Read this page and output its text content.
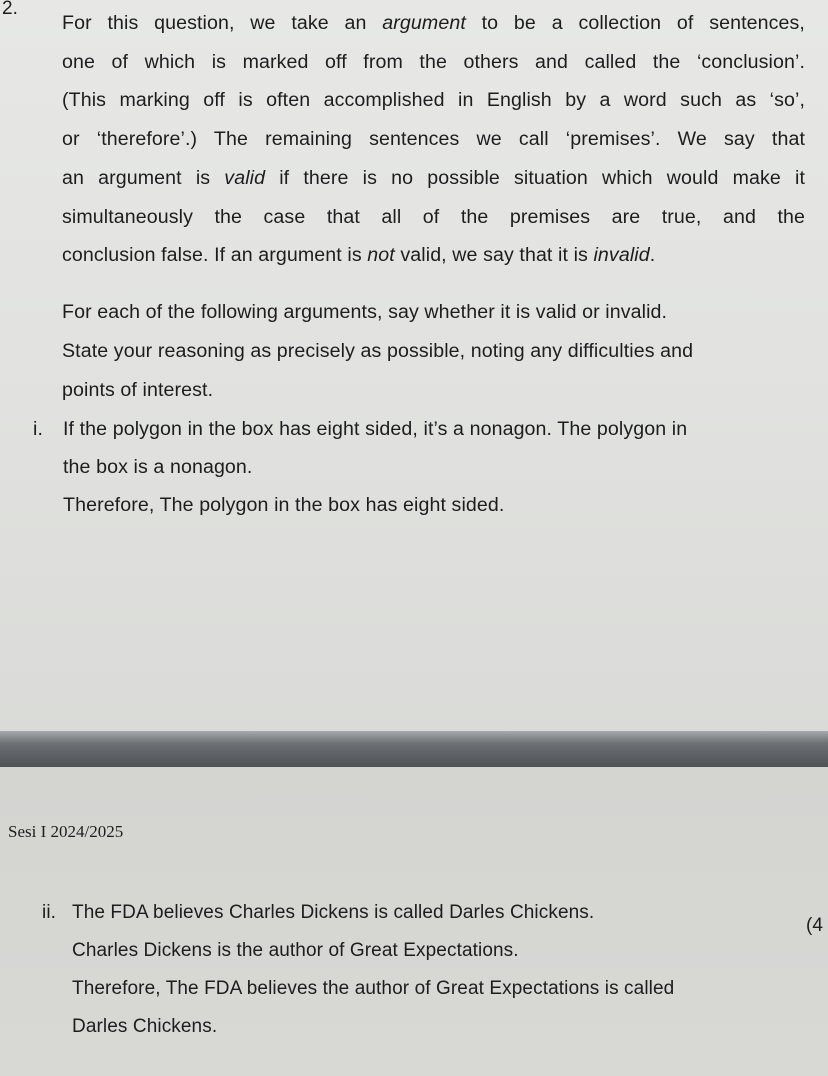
2.
For this question, we take an argument to be a collection of sentences,
one of which is marked off from the others and called the ‘conclusion’.
(This marking off is often accomplished in English by a word such as ‘so’,
or ‘therefore’.) The remaining sentences we call ‘premises’. We say that
an argument is valid if there is no possible situation which would make it
simultaneously the case that all of the premises are true, and the
conclusion false. If an argument is not valid, we say that it is invalid.
For each of the following arguments, say whether it is valid or invalid.
State your reasoning as precisely as possible, noting any difficulties and
points of interest.
i. If the polygon in the box has eight sided, it’s a nonagon. The polygon in
the box is a nonagon.
Therefore, The polygon in the box has eight sided.
Sesi I 2024/2025
ii. The FDA believes Charles Dickens is called Darles Chickens.
Charles Dickens is the author of Great Expectations.
Therefore, The FDA believes the author of Great Expectations is called
Darles Chickens.
(4
